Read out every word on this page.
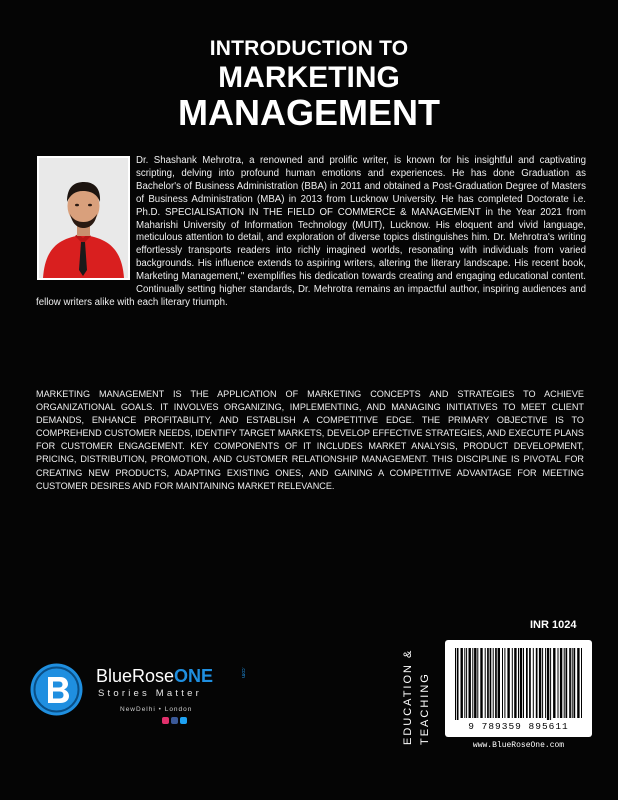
INTRODUCTION TO
MARKETING
MANAGEMENT

Dr. Shashank Mehrotra, a renowned and prolific writer, is known for his insightful and captivating scripting, delving into profound human emotions and experiences. He has done Graduation as Bachelor's of Business Administration (BBA) in 2011 and obtained a Post-Graduation Degree of Masters of Business Administration (MBA) in 2013 from Lucknow University. He has completed Doctorate i.e. Ph.D. SPECIALISATION IN THE FIELD OF COMMERCE & MANAGEMENT in the Year 2021 from Maharishi University of Information Technology (MUIT), Lucknow. His eloquent and vivid language, meticulous attention to detail, and exploration of diverse topics distinguishes him. Dr. Mehrotra's writing effortlessly transports readers into richly imagined worlds, resonating with individuals from varied backgrounds. His influence extends to aspiring writers, altering the literary landscape. His recent book, Marketing Management," exemplifies his dedication towards creating and engaging educational content. Continually setting higher standards, Dr. Mehrotra remains an impactful author, inspiring audiences and fellow writers alike with each literary triumph.

MARKETING MANAGEMENT IS THE APPLICATION OF MARKETING CONCEPTS AND STRATEGIES TO ACHIEVE ORGANIZATIONAL GOALS. IT INVOLVES ORGANIZING, IMPLEMENTING, AND MANAGING INITIATIVES TO MEET CLIENT DEMANDS, ENHANCE PROFITABILITY, AND ESTABLISH A COMPETITIVE EDGE. THE PRIMARY OBJECTIVE IS TO COMPREHEND CUSTOMER NEEDS, IDENTIFY TARGET MARKETS, DEVELOP EFFECTIVE STRATEGIES, AND EXECUTE PLANS FOR CUSTOMER ENGAGEMENT. KEY COMPONENTS OF IT INCLUDES MARKET ANALYSIS, PRODUCT DEVELOPMENT, PRICING, DISTRIBUTION, PROMOTION, AND CUSTOMER RELATIONSHIP MANAGEMENT. THIS DISCIPLINE IS PIVOTAL FOR CREATING NEW PRODUCTS, ADAPTING EXISTING ONES, AND GAINING A COMPETITIVE ADVANTAGE FOR MEETING CUSTOMER DESIRES AND FOR MAINTAINING MARKET RELEVANCE.

INR 1024
EDUCATION & TEACHING	9 789359 895611
www.BlueRoseOne.com
BlueRoseONE	.com
Stories Matter
NewDelhi • London
